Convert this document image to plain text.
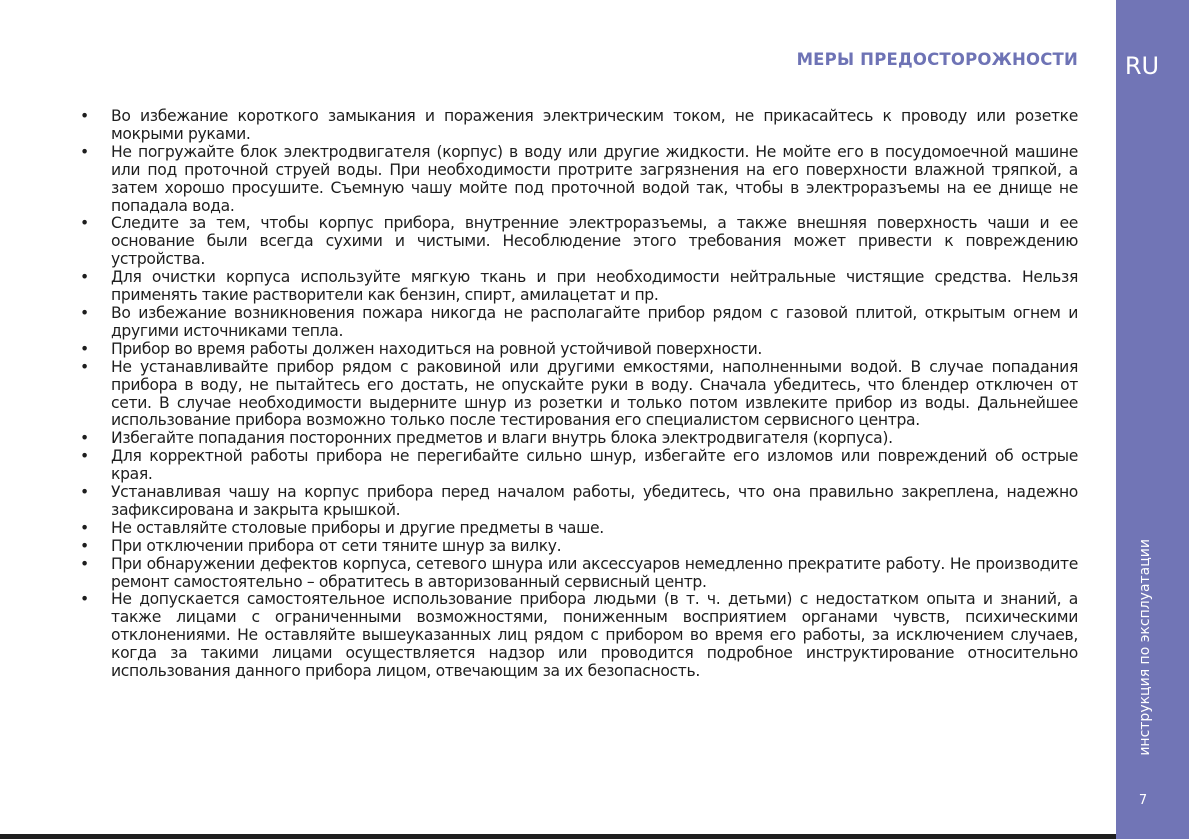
МЕРЫ ПРЕДОСТОРОЖНОСТИ
• Во избежание короткого замыкания и поражения электрическим током, не прикасайтесь к проводу или розетке мокрыми руками.
• Не погружайте блок электродвигателя (корпус) в воду или другие жидкости. Не мойте его в посудомоечной машине или под проточной струей воды. При необходимости протрите загрязнения на его поверхности влажной тряпкой, а затем хорошо просушите. Съемную чашу мойте под проточной водой так, чтобы в электроразъемы на ее днище не попадала вода.
• Следите за тем, чтобы корпус прибора, внутренние электроразъемы, а также внешняя поверхность чаши и ее основание были всегда сухими и чистыми. Несоблюдение этого требования может привести к повреждению устройства.
• Для очистки корпуса используйте мягкую ткань и при необходимости нейтральные чистящие средства. Нельзя применять такие растворители как бензин, спирт, амилацетат и пр.
• Во избежание возникновения пожара никогда не располагайте прибор рядом с газовой плитой, открытым огнем и другими источниками тепла.
• Прибор во время работы должен находиться на ровной устойчивой поверхности.
• Не устанавливайте прибор рядом с раковиной или другими емкостями, наполненными водой. В случае попадания прибора в воду, не пытайтесь его достать, не опускайте руки в воду. Сначала убедитесь, что блендер отключен от сети. В случае необходимости выдерните шнур из розетки и только потом извлеките прибор из воды. Дальнейшее использование прибора возможно только после тестирования его специалистом сервисного центра.
• Избегайте попадания посторонних предметов и влаги внутрь блока электродвигателя (корпуса).
• Для корректной работы прибора не перегибайте сильно шнур, избегайте его изломов или повреждений об острые края.
• Устанавливая чашу на корпус прибора перед началом работы, убедитесь, что она правильно закреплена, надежно зафиксирована и закрыта крышкой.
• Не оставляйте столовые приборы и другие предметы в чаше.
• При отключении прибора от сети тяните шнур за вилку.
• При обнаружении дефектов корпуса, сетевого шнура или аксессуаров немедленно прекратите работу. Не производите ремонт самостоятельно – обратитесь в авторизованный сервисный центр.
• Не допускается самостоятельное использование прибора людьми (в т. ч. детьми) с недостатком опыта и знаний, а также лицами с ограниченными возможностями, пониженным восприятием органами чувств, психическими отклонениями. Не оставляйте вышеуказанных лиц рядом с прибором во время его работы, за исключением случаев, когда за такими лицами осуществляется надзор или проводится подробное инструктирование относительно использования данного прибора лицом, отвечающим за их безопасность.
RU
инструкция по эксплуатации
7
